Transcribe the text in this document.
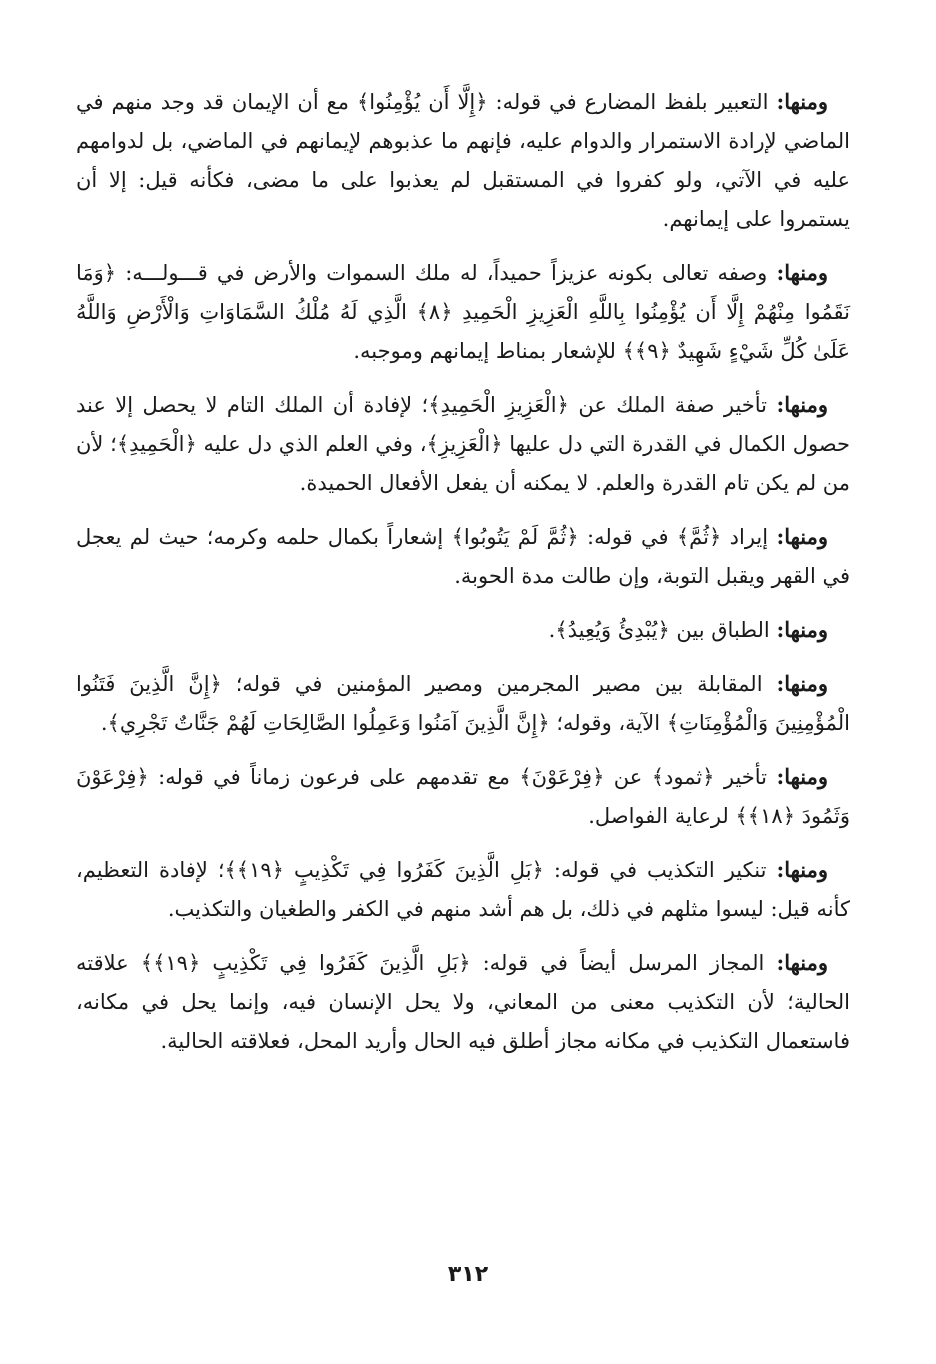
ومنها: التعبير بلفظ المضارع في قوله: ﴿إِلَّا أَن يُؤْمِنُوا﴾ مع أن الإيمان قد وجد منهم في الماضي لإرادة الاستمرار والدوام عليه، فإنهم ما عذبوهم لإيمانهم في الماضي، بل لدوامهم عليه في الآتي، ولو كفروا في المستقبل لم يعذبوا على ما مضى، فكأنه قيل: إلا أن يستمروا على إيمانهم.

ومنها: وصفه تعالى بكونه عزيزاً حميداً، له ملك السموات والأرض في قـــولـــه: ﴿وَمَا نَقَمُوا مِنْهُمْ إِلَّا أَن يُؤْمِنُوا بِاللَّهِ الْعَزِيزِ الْحَمِيدِ ﴿٨﴾ الَّذِي لَهُ مُلْكُ السَّمَاوَاتِ وَالْأَرْضِ وَاللَّهُ عَلَىٰ كُلِّ شَيْءٍ شَهِيدٌ ﴿٩﴾﴾ للإشعار بمناط إيمانهم وموجبه.

ومنها: تأخير صفة الملك عن ﴿الْعَزِيزِ الْحَمِيدِ﴾؛ لإفادة أن الملك التام لا يحصل إلا عند حصول الكمال في القدرة التي دل عليها ﴿الْعَزِيزِ﴾، وفي العلم الذي دل عليه ﴿الْحَمِيدِ﴾؛ لأن من لم يكن تام القدرة والعلم. لا يمكنه أن يفعل الأفعال الحميدة.

ومنها: إيراد ﴿ثُمَّ﴾ في قوله: ﴿ثُمَّ لَمْ يَتُوبُوا﴾ إشعاراً بكمال حلمه وكرمه؛ حيث لم يعجل في القهر ويقبل التوبة، وإن طالت مدة الحوبة.

ومنها: الطباق بين ﴿يُبْدِئُ وَيُعِيدُ﴾.

ومنها: المقابلة بين مصير المجرمين ومصير المؤمنين في قوله؛ ﴿إِنَّ الَّذِينَ فَتَنُوا الْمُؤْمِنِينَ وَالْمُؤْمِنَاتِ﴾ الآية، وقوله؛ ﴿إِنَّ الَّذِينَ آمَنُوا وَعَمِلُوا الصَّالِحَاتِ لَهُمْ جَنَّاتٌ تَجْرِي﴾.

ومنها: تأخير ﴿ثمود﴾ عن ﴿فِرْعَوْنَ﴾ مع تقدمهم على فرعون زماناً في قوله: ﴿فِرْعَوْنَ وَثَمُودَ ﴿١٨﴾﴾ لرعاية الفواصل.

ومنها: تنكير التكذيب في قوله: ﴿بَلِ الَّذِينَ كَفَرُوا فِي تَكْذِيبٍ ﴿١٩﴾﴾؛ لإفادة التعظيم، كأنه قيل: ليسوا مثلهم في ذلك، بل هم أشد منهم في الكفر والطغيان والتكذيب.

ومنها: المجاز المرسل أيضاً في قوله: ﴿بَلِ الَّذِينَ كَفَرُوا فِي تَكْذِيبٍ ﴿١٩﴾﴾ علاقته الحالية؛ لأن التكذيب معنى من المعاني، ولا يحل الإنسان فيه، وإنما يحل في مكانه، فاستعمال التكذيب في مكانه مجاز أطلق فيه الحال وأريد المحل، فعلاقته الحالية.

٣١٢
